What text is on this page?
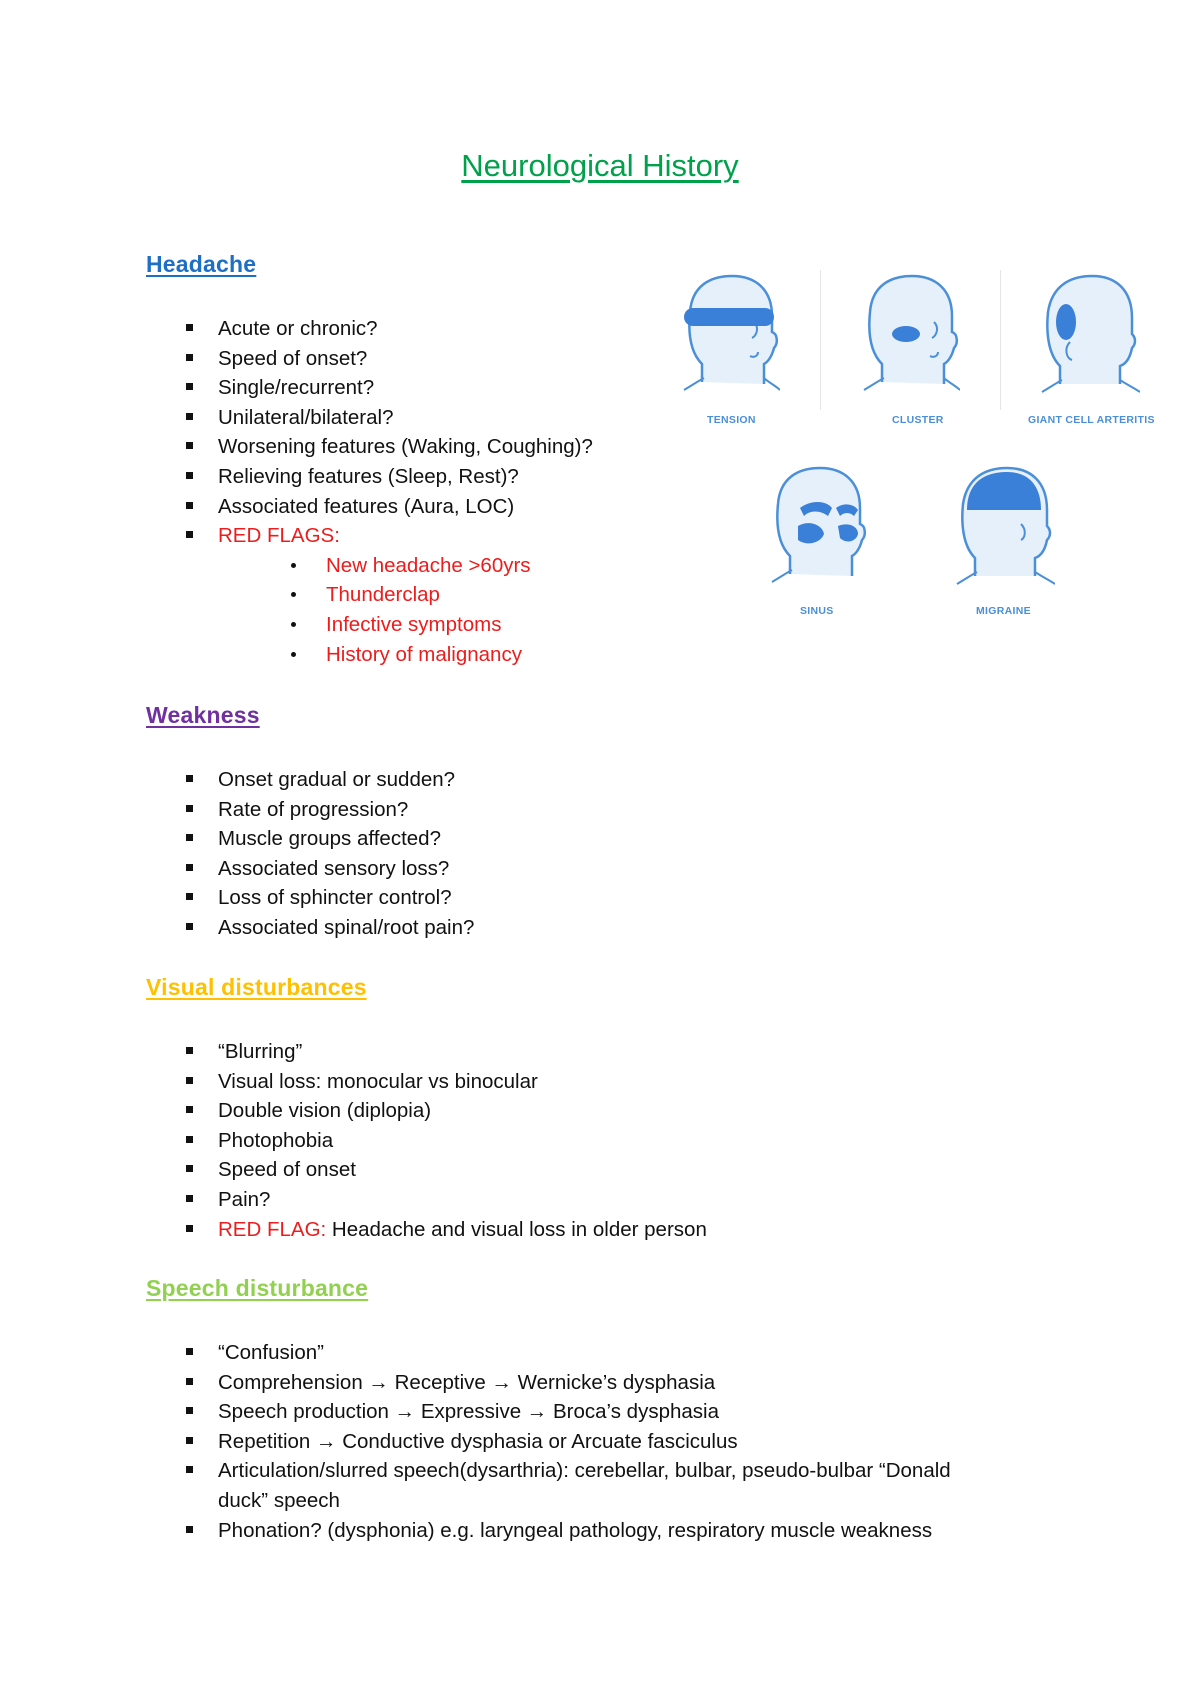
Neurological History
Headache
Acute or chronic?
Speed of onset?
Single/recurrent?
Unilateral/bilateral?
Worsening features (Waking, Coughing)?
Relieving features (Sleep, Rest)?
Associated features (Aura, LOC)
RED FLAGS:
New headache >60yrs
Thunderclap
Infective symptoms
History of malignancy
Weakness
Onset gradual or sudden?
Rate of progression?
Muscle groups affected?
Associated sensory loss?
Loss of sphincter control?
Associated spinal/root pain?
Visual disturbances
“Blurring”
Visual loss: monocular vs binocular
Double vision (diplopia)
Photophobia
Speed of onset
Pain?
RED FLAG: Headache and visual loss in older person
Speech disturbance
“Confusion”
Comprehension → Receptive → Wernicke’s dysphasia
Speech production → Expressive → Broca’s dysphasia
Repetition → Conductive dysphasia or Arcuate fasciculus
Articulation/slurred speech(dysarthria): cerebellar, bulbar, pseudo-bulbar “Donald
duck” speech
Phonation? (dysphonia) e.g. laryngeal pathology, respiratory muscle weakness
TENSION	CLUSTER	GIANT CELL ARTERITIS
SINUS	MIGRAINE
